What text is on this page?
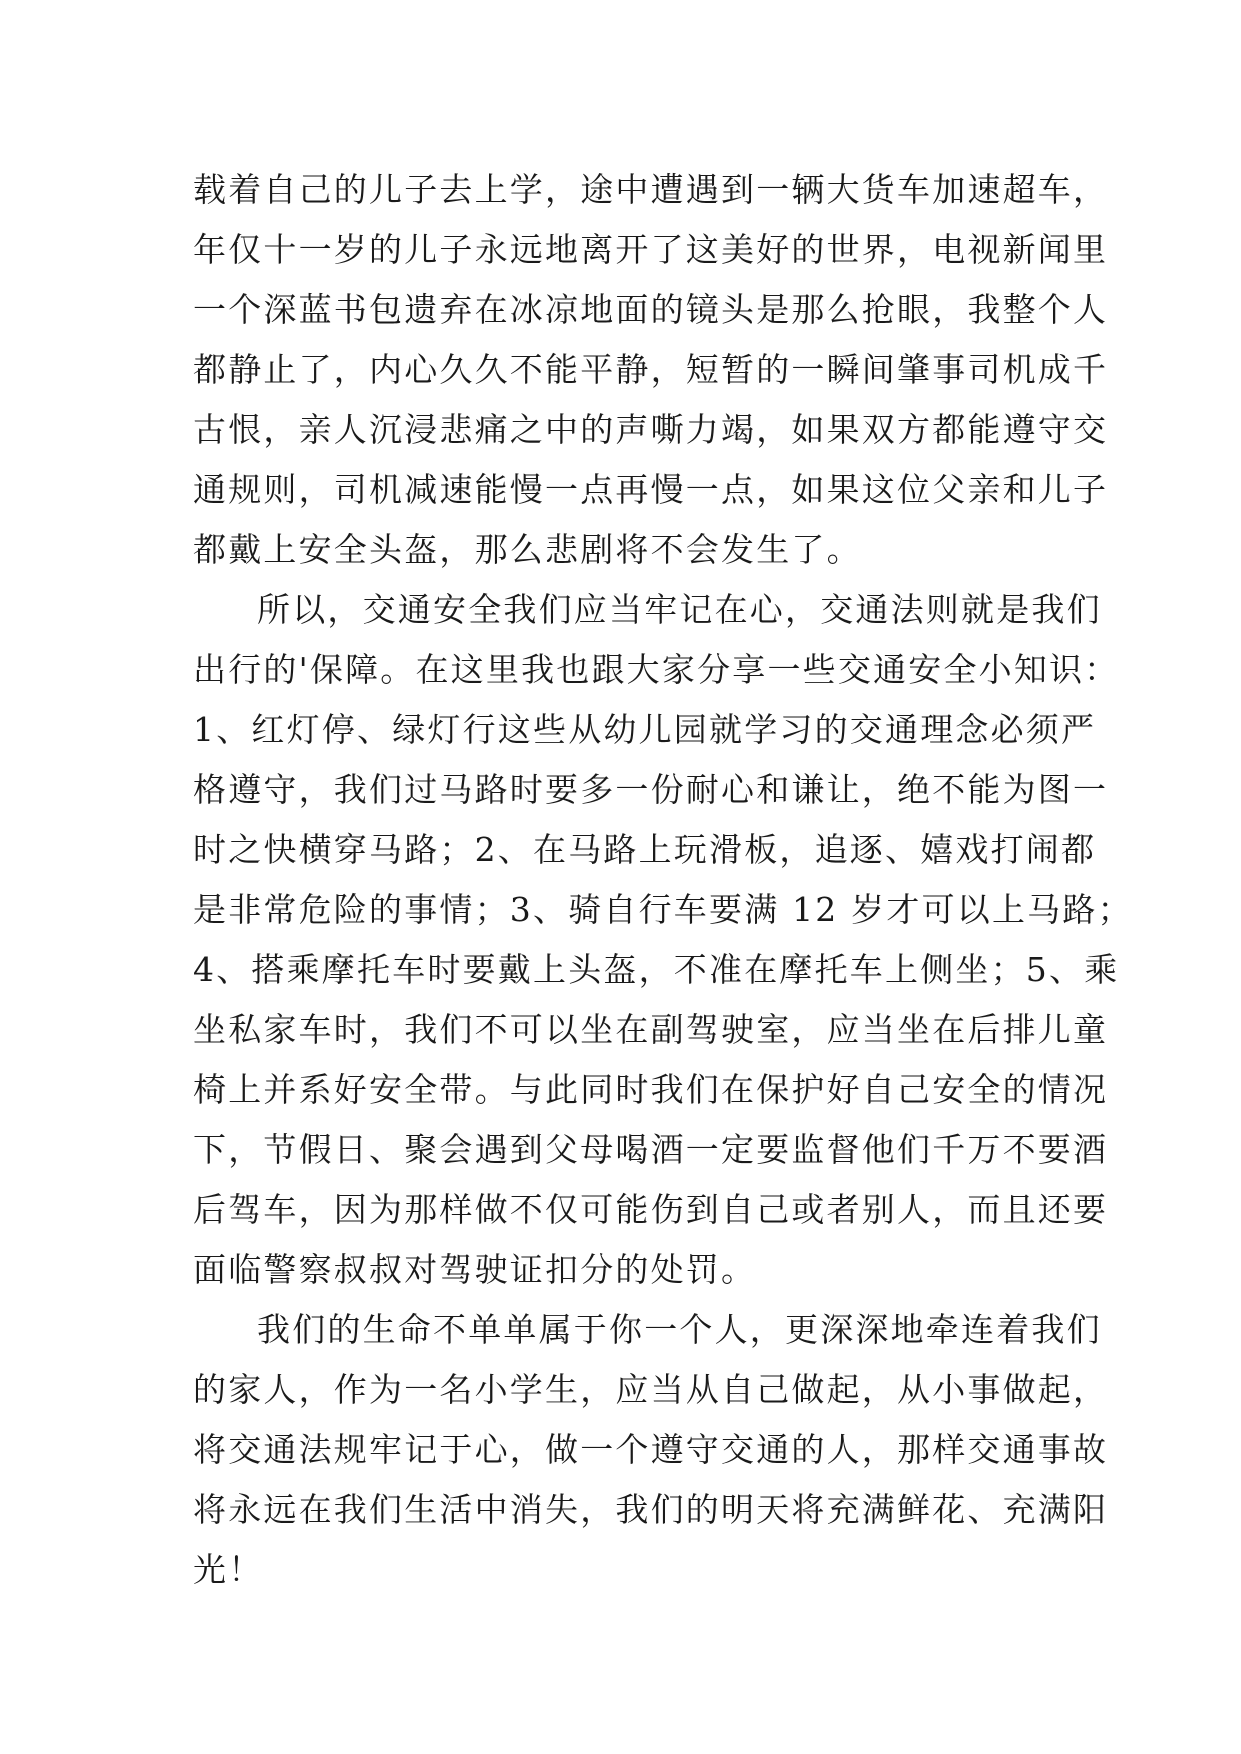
载着自己的儿子去上学，途中遭遇到一辆大货车加速超车，
年仅十一岁的儿子永远地离开了这美好的世界，电视新闻里
一个深蓝书包遗弃在冰凉地面的镜头是那么抢眼，我整个人
都静止了，内心久久不能平静，短暂的一瞬间肇事司机成千
古恨，亲人沉浸悲痛之中的声嘶力竭，如果双方都能遵守交
通规则，司机减速能慢一点再慢一点，如果这位父亲和儿子
都戴上安全头盔，那么悲剧将不会发生了。
所以，交通安全我们应当牢记在心，交通法则就是我们
出行的'保障。在这里我也跟大家分享一些交通安全小知识：
1、红灯停、绿灯行这些从幼儿园就学习的交通理念必须严
格遵守，我们过马路时要多一份耐心和谦让，绝不能为图一
时之快横穿马路；2、在马路上玩滑板，追逐、嬉戏打闹都
是非常危险的事情；3、骑自行车要满 12 岁才可以上马路；
4、搭乘摩托车时要戴上头盔，不准在摩托车上侧坐；5、乘
坐私家车时，我们不可以坐在副驾驶室，应当坐在后排儿童
椅上并系好安全带。与此同时我们在保护好自己安全的情况
下，节假日、聚会遇到父母喝酒一定要监督他们千万不要酒
后驾车，因为那样做不仅可能伤到自己或者别人，而且还要
面临警察叔叔对驾驶证扣分的处罚。
我们的生命不单单属于你一个人，更深深地牵连着我们
的家人，作为一名小学生，应当从自己做起，从小事做起，
将交通法规牢记于心，做一个遵守交通的人，那样交通事故
将永远在我们生活中消失，我们的明天将充满鲜花、充满阳
光！
